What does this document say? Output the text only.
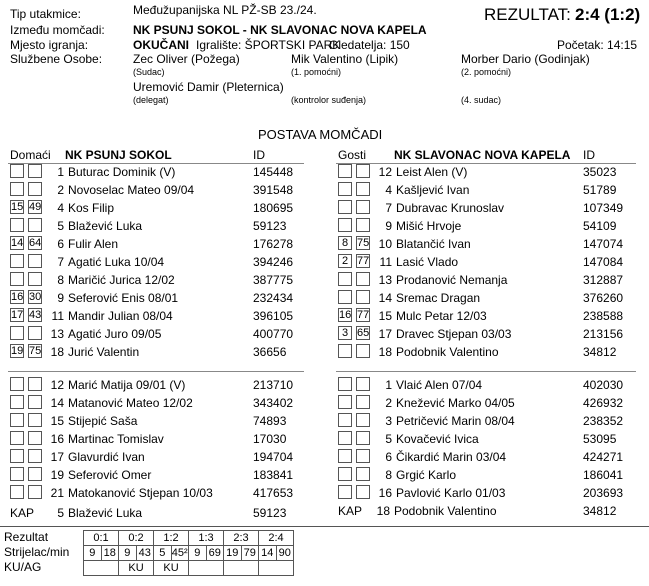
Tip utakmice:	Međužupanijska NL PŽ-SB 23./24.	REZULTAT: 2:4 (1:2)
Između momčadi: NK PSUNJ SOKOL - NK SLAVONAC NOVA KAPELA
Mjesto igranja:	OKUČANI Igralište: ŠPORTSKI PARK
Gledatelja: 150	Početak: 14:15
Službene Osobe:	Zec Oliver (Požega)
(Sudac)
Mik Valentino (Lipik)
(1. pomoćni)
Morber Dario (Godinjak)
(2. pomoćni)
Uremović Damir (Pleternica)
(delegat)	(kontrolor suđenja)	(4. sudac)
POSTAVA MOMČADI
Domaći NK PSUNJ SOKOL	ID	Gosti NK SLAVONAC NOVA KAPELA ID
1 Buturac Dominik (V)	145448
2 Novoselac Mateo 09/04	391548
15 49	4 Kos Filip	180695
5 Blažević Luka	59123
14 64	6 Fulir Alen	176278
7 Agatić Luka 10/04	394246
8 Maričić Jurica 12/02	387775
16 30	9 Seferović Enis 08/01	232434
17 43 11 Mandir Julian 08/04	396105
13 Agatić Juro 09/05	400770
19 75 18 Jurić Valentin	36656
12 Leist Alen (V)	35023
4 Kašljević Ivan	51789
7 Dubravac Krunoslav	107349
9 Mišić Hrvoje	54109
8 75 10 Blatančić Ivan	147074
2 77 11 Lasić Vlado	147084
13 Prodanović Nemanja	312887
14 Sremac Dragan	376260
16 77 15 Mulc Petar 12/03	238588
3 65 17 Dravec Stjepan 03/03	213156
18 Podobnik Valentino	34812
12 Marić Matija 09/01 (V)	213710
14 Matanović Mateo 12/02	343402
15 Stijepić Saša	74893
16 Martinac Tomislav	17030
17 Glavurdić Ivan	194704
19 Seferović Omer	183841
21 Matokanović Stjepan 10/03	417653
1 Vlaić Alen 07/04	402030
2 Knežević Marko 04/05	426932
3 Petričević Marin 08/04	238352
5 Kovačević Ivica	53095
6 Čikardić Marin 03/04	424271
8 Grgić Karlo	186041
16 Pavlović Karlo 01/03	203693
KAP	5 Blažević Luka	59123	KAP	18 Podobnik Valentino	34812
Rezultat
Strijelac/min
KU/AG
0:1		0:2		1:2		1:3		2:3		2:4	
9	18	9	43	5	45²	9	69	19	79	14	90
		KU		KU							
